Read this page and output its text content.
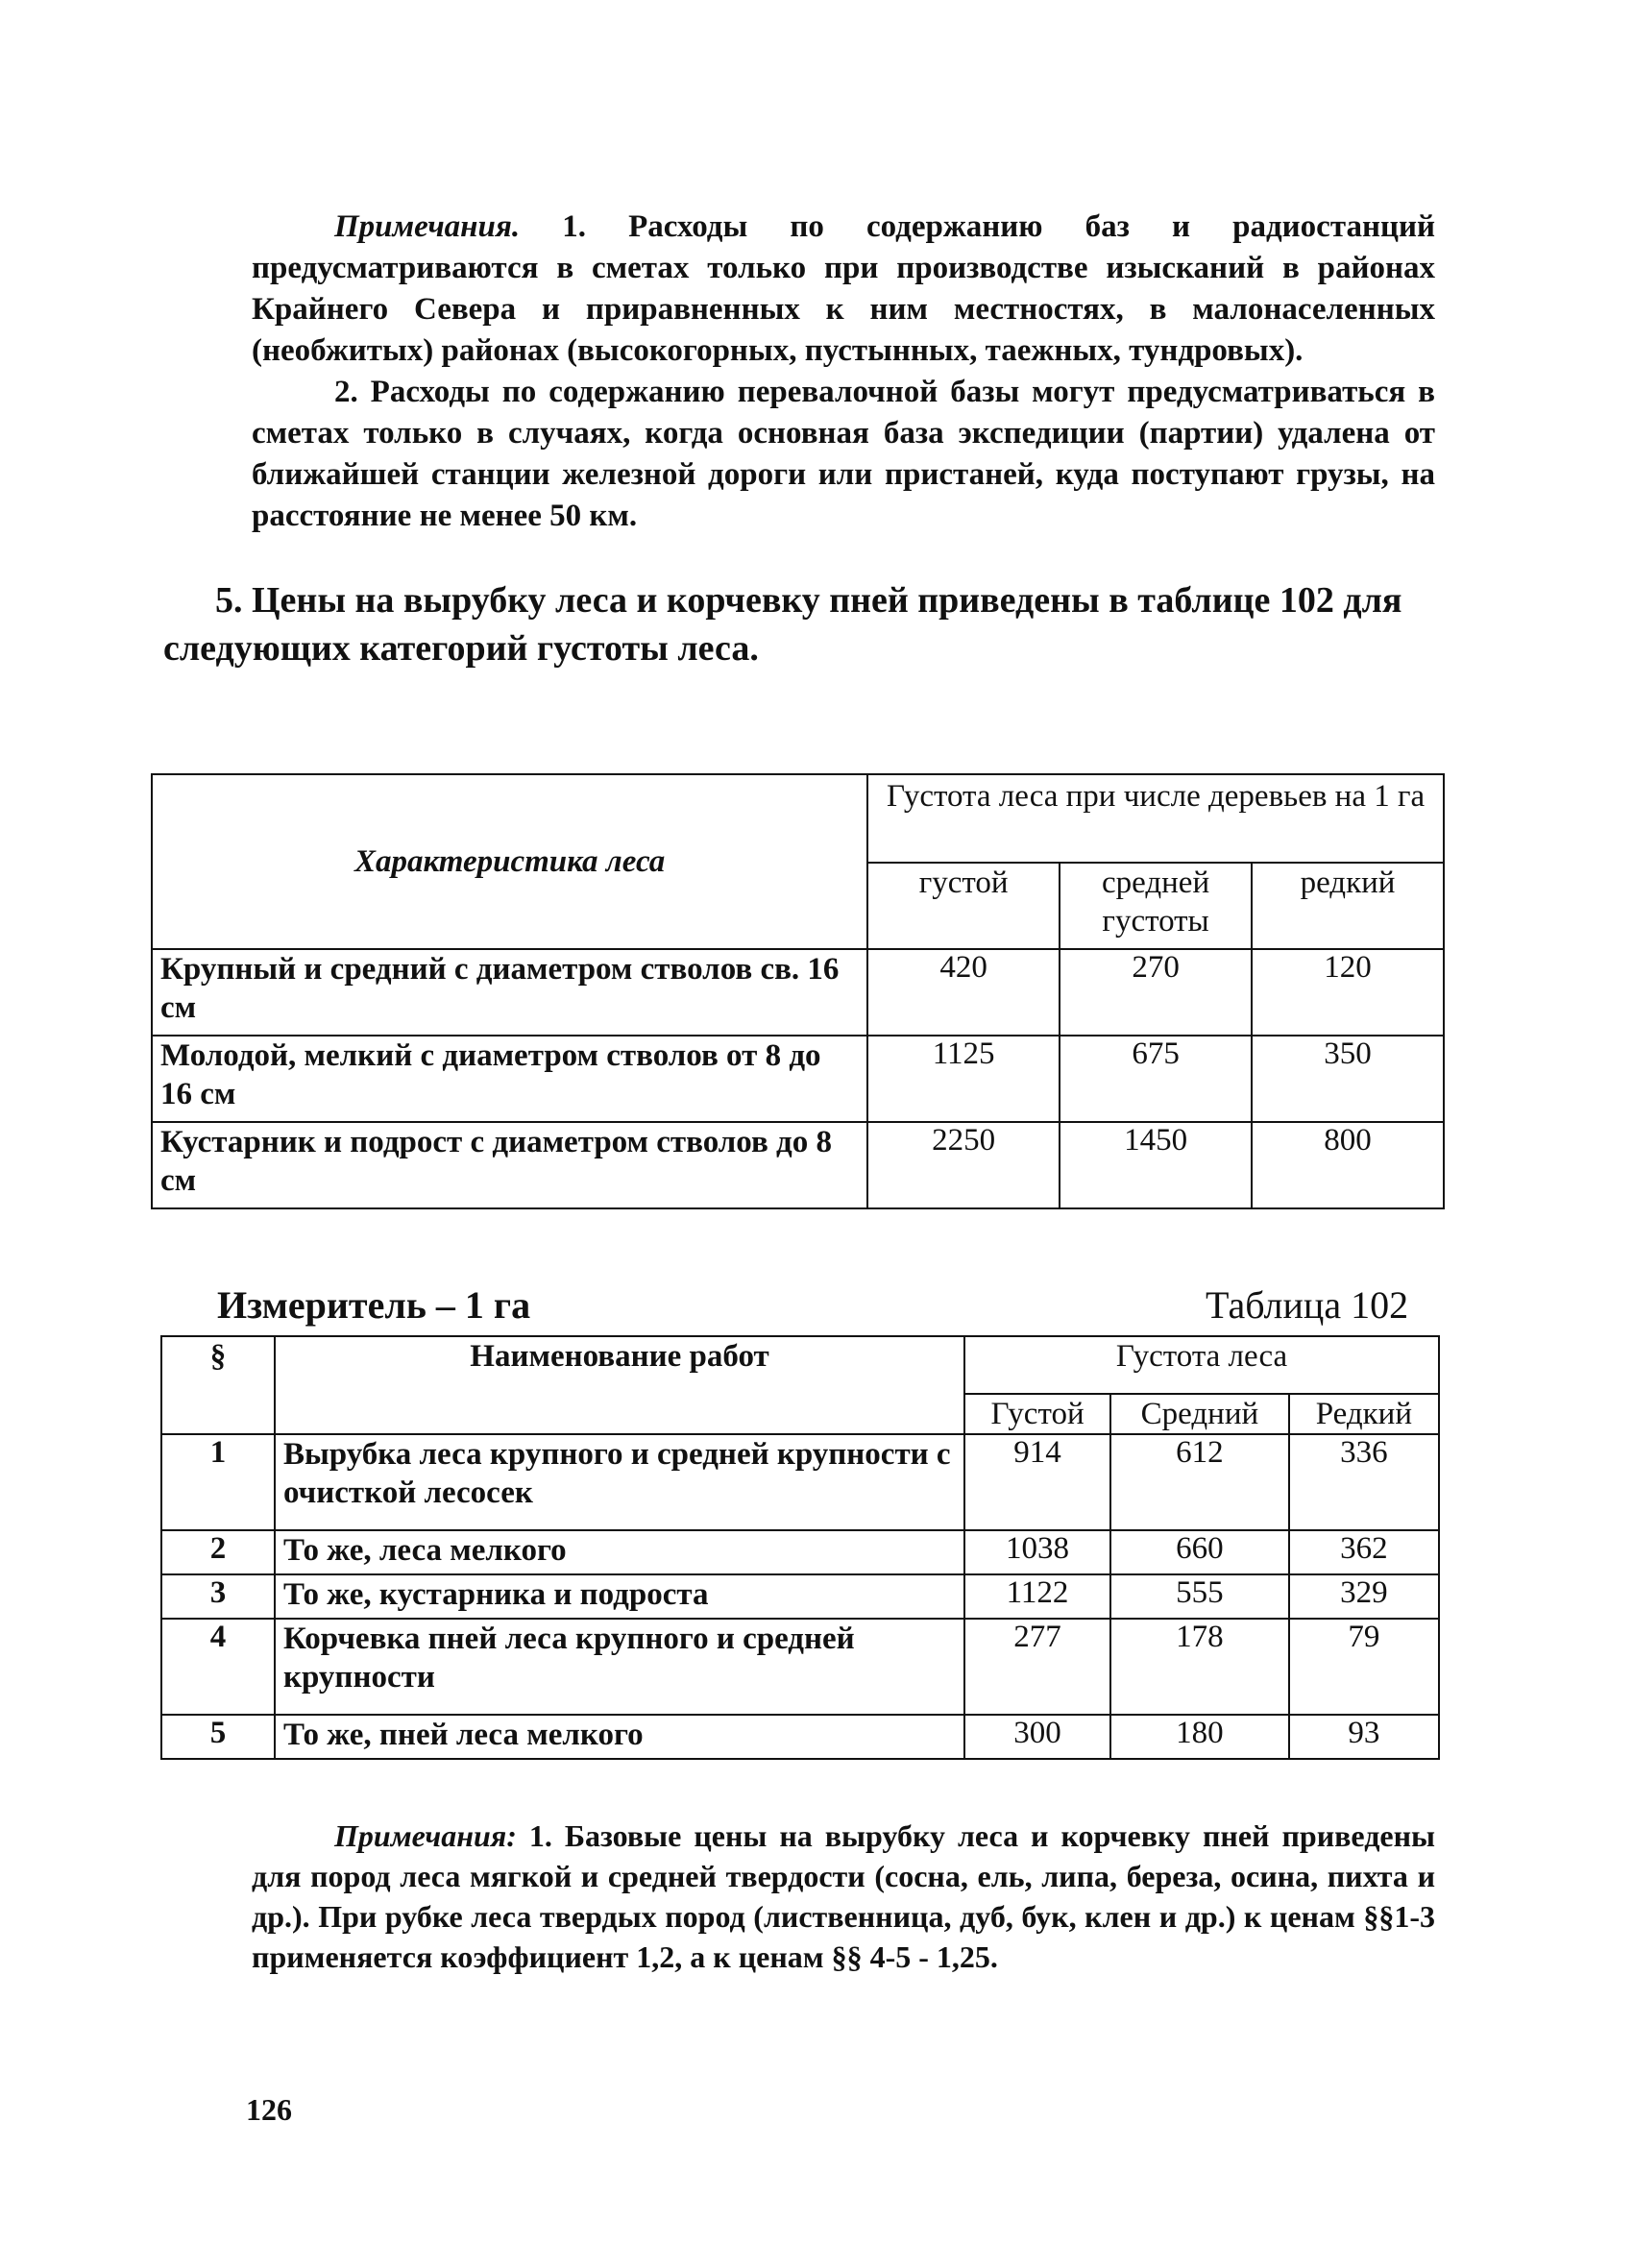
Примечания. 1. Расходы по содержанию баз и радиостанций предусматриваются в сметах только при производстве изысканий в районах Крайнего Севера и приравненных к ним местностях, в малонаселенных (необжитых) районах (высокогорных, пустынных, таежных, тундровых).

2. Расходы по содержанию перевалочной базы могут предусматриваться в сметах только в случаях, когда основная база экспедиции (партии) удалена от ближайшей станции железной дороги или пристаней, куда поступают грузы, на расстояние не менее 50 км.

5. Цены на вырубку леса и корчевку пней приведены в таблице 102 для следующих категорий густоты леса.

Характеристика леса	Густота леса при числе деревьев на 1 га		
	густой	средней густоты	редкий
Крупный и средний с диаметром стволов св. 16 см	420	270	120
Молодой, мелкий с диаметром стволов от 8 до 16 см	1125	675	350
Кустарник и подрост с диаметром стволов до 8 см	2250	1450	800
Измеритель – 1 га	Таблица 102
§	Наименование работ	Густота леса		
		Густой	Средний	Редкий
1	Вырубка леса крупного и средней крупности с очисткой лесосек	914	612	336
2	То же, леса мелкого	1038	660	362
3	То же, кустарника и подроста	1122	555	329
4	Корчевка пней леса крупного и средней крупности	277	178	79
5	То же, пней леса мелкого	300	180	93

Примечания: 1. Базовые цены на вырубку леса и корчевку пней приведены для пород леса мягкой и средней твердости (сосна, ель, липа, береза, осина, пихта и др.). При рубке леса твердых пород (лиственница, дуб, бук, клен и др.) к ценам §§1-3 применяется коэффициент 1,2, а к ценам §§ 4-5 - 1,25.

126
